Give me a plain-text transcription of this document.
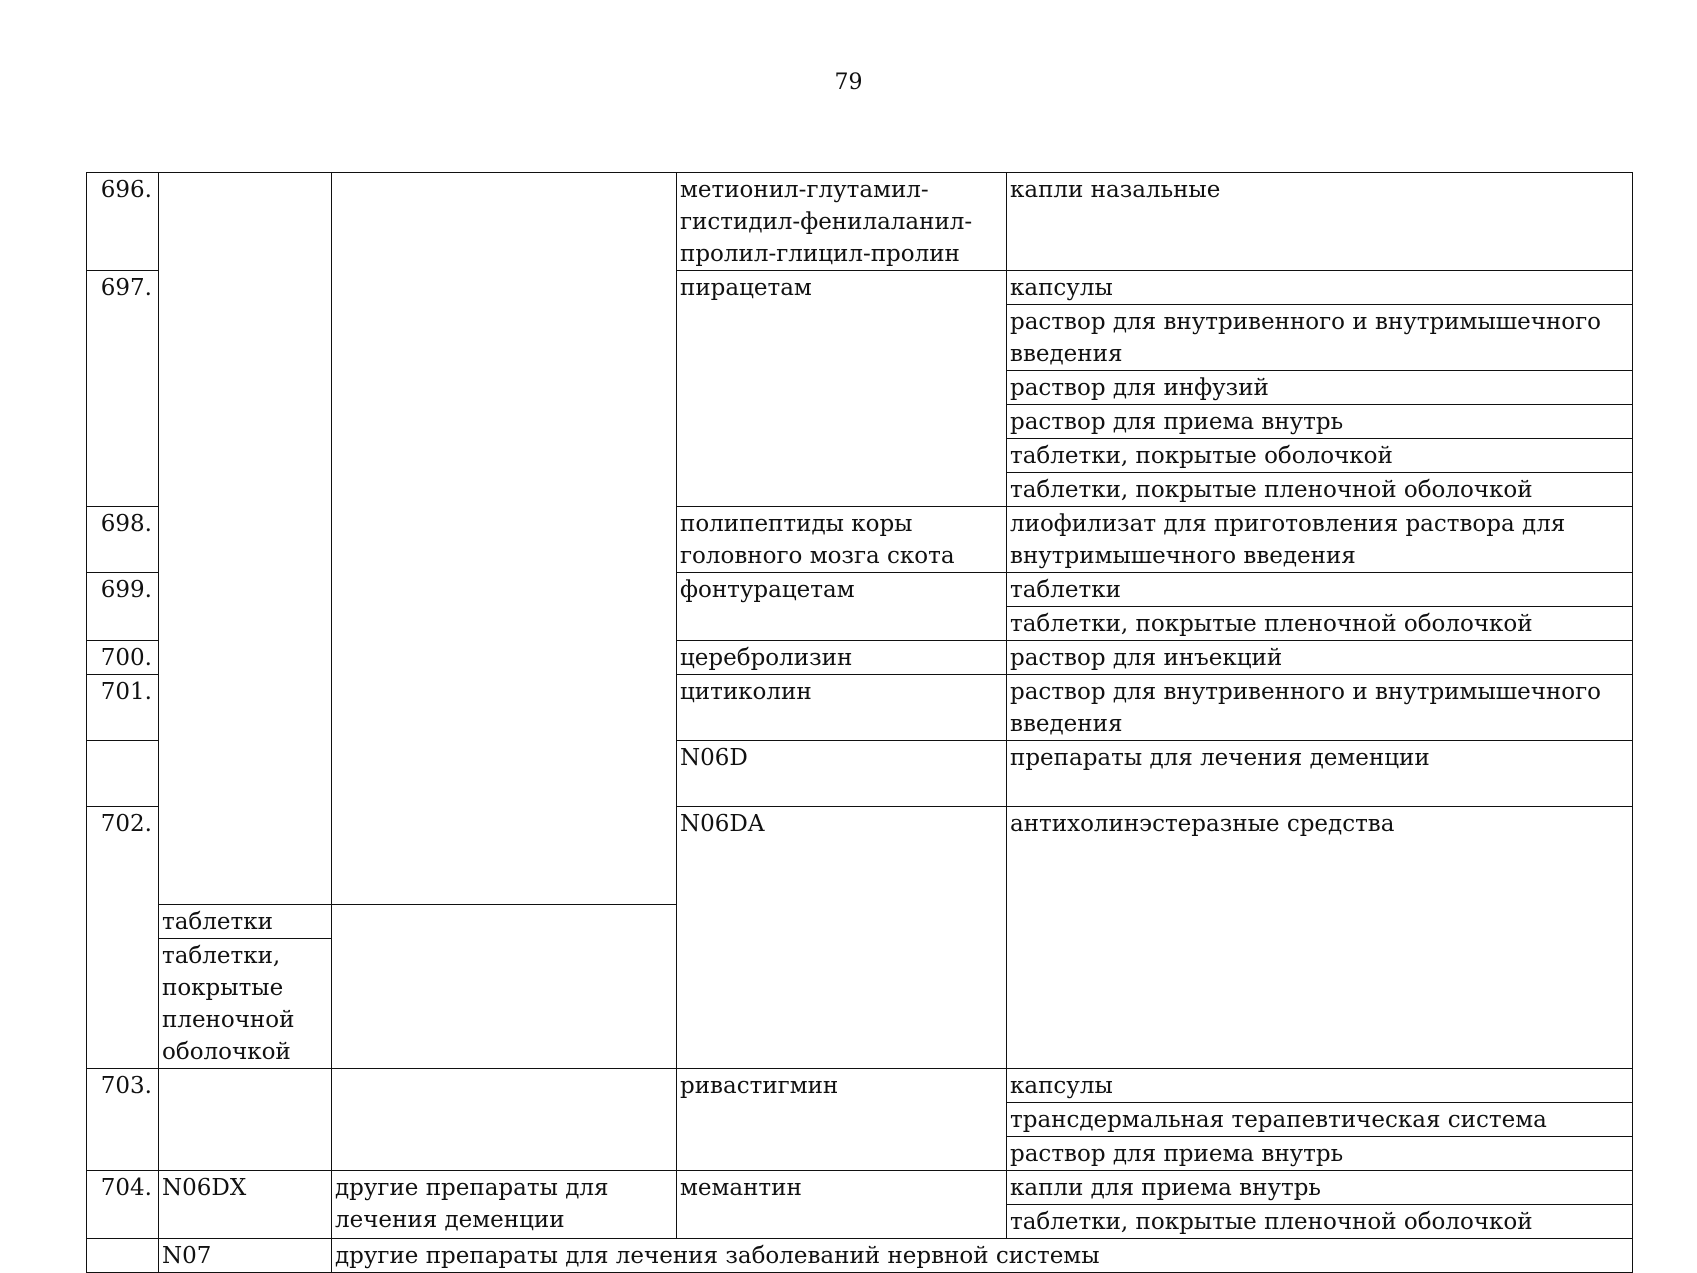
79
696.			метионил-глутамил-
гистидил-фенилаланил-
пролил-глицил-пролин	капли назальные	
697.			пирацетам	капсулы	
				раствор для внутривенного и внутримышечного введения	
				раствор для инфузий	
				раствор для приема внутрь	
				таблетки, покрытые оболочкой	
				таблетки, покрытые пленочной оболочкой	
698.			полипептиды коры головного мозга скота	лиофилизат для приготовления раствора для внутримышечного введения	
699.			фонтурацетам	таблетки	
				таблетки, покрытые пленочной оболочкой	
700.			церебролизин	раствор для инъекций	
701.			цитиколин	раствор для внутривенного и внутримышечного введения	
			N06D	препараты для лечения деменции		
702.			N06DA	антихолинэстеразные средства		
	таблетки				
	таблетки, покрытые пленочной оболочкой				
703.			ривастигмин	капсулы	
				трансдермальная терапевтическая система	
				раствор для приема внутрь	
704.	N06DX	другие препараты для лечения деменции	мемантин	капли для приема внутрь	
				таблетки, покрытые пленочной оболочкой	
	N07	другие препараты для лечения заболеваний нервной системы			
